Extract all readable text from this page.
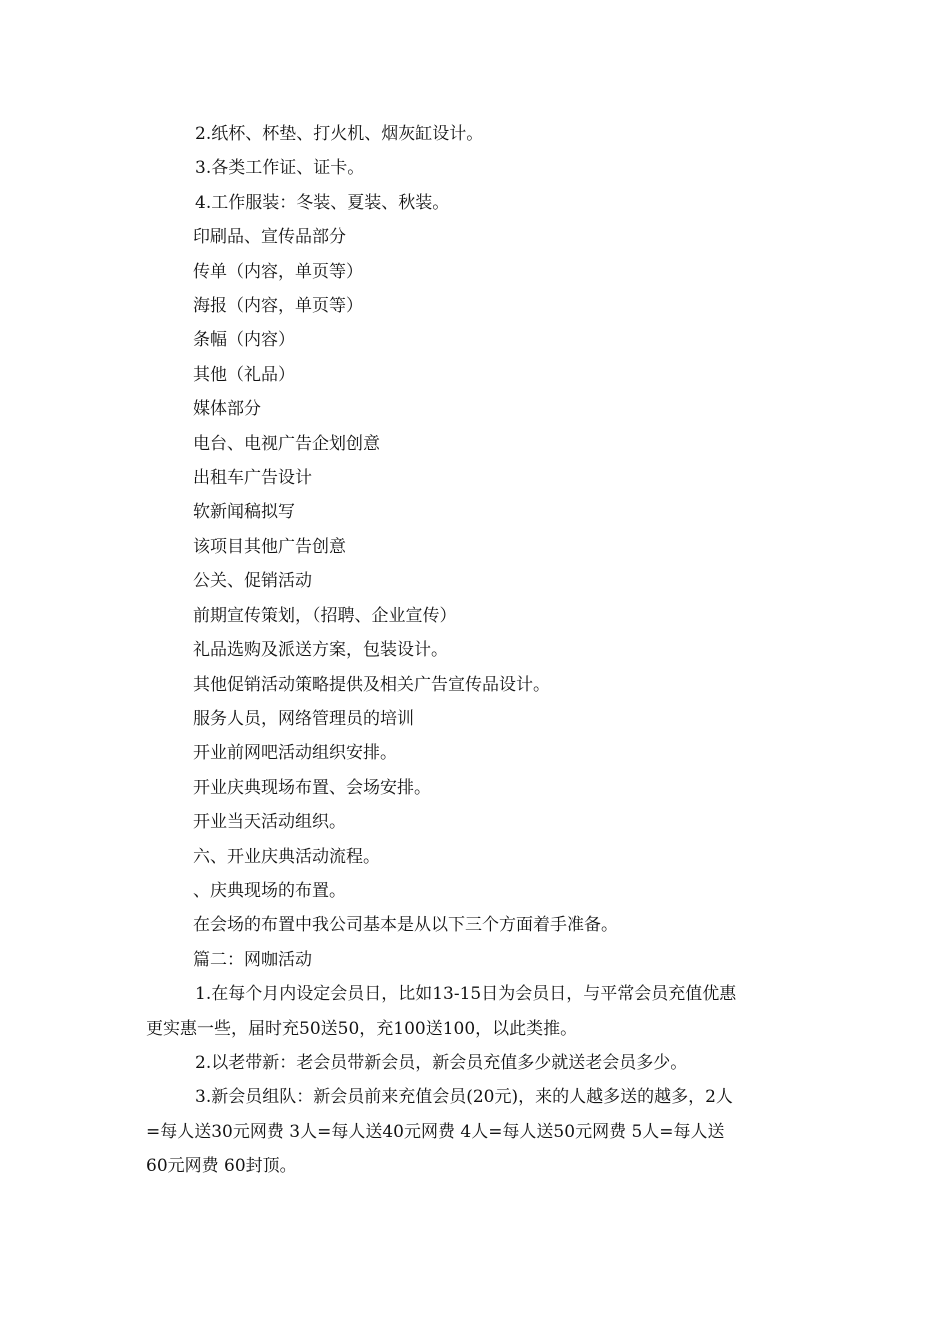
2.纸杯、杯垫、打火机、烟灰缸设计。
3.各类工作证、证卡。
4.工作服装：冬装、夏装、秋装。
印刷品、宣传品部分
传单（内容，单页等）
海报（内容，单页等）
条幅（内容）
其他（礼品）
媒体部分
电台、电视广告企划创意
出租车广告设计
软新闻稿拟写
该项目其他广告创意
公关、促销活动
前期宣传策划，（招聘、企业宣传）
礼品选购及派送方案，包装设计。
其他促销活动策略提供及相关广告宣传品设计。
服务人员，网络管理员的培训
开业前网吧活动组织安排。
开业庆典现场布置、会场安排。
开业当天活动组织。
六、开业庆典活动流程。
、庆典现场的布置。
在会场的布置中我公司基本是从以下三个方面着手准备。
篇二：网咖活动
1.在每个月内设定会员日，比如13-15日为会员日，与平常会员充值优惠
更实惠一些，届时充50送50，充100送100，以此类推。
2.以老带新：老会员带新会员，新会员充值多少就送老会员多少。
3.新会员组队：新会员前来充值会员(20元)，来的人越多送的越多，2人
=每人送30元网费 3人=每人送40元网费 4人=每人送50元网费 5人=每人送
60元网费 60封顶。
